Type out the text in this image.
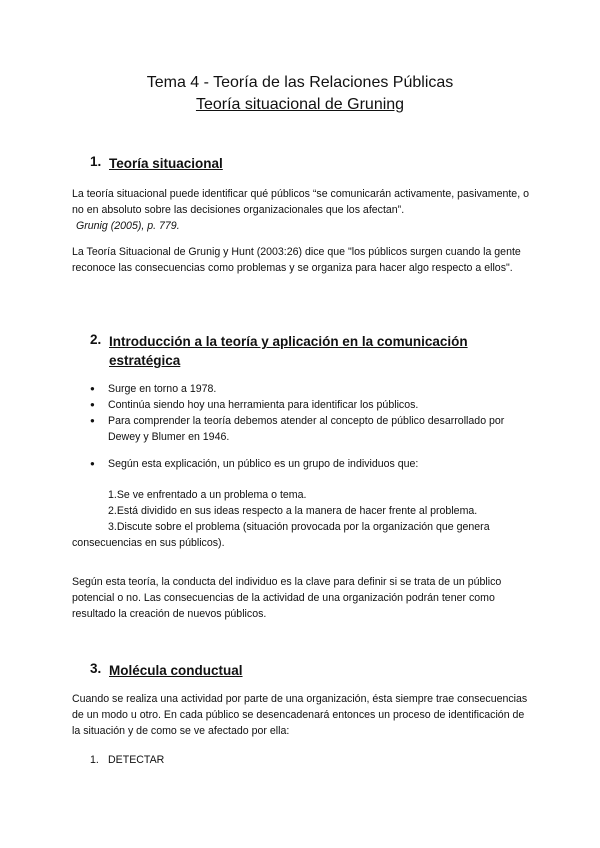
Tema 4 - Teoría de las Relaciones Públicas
Teoría situacional de Gruning
1. Teoría situacional
La teoría situacional puede identificar qué públicos “se comunicarán activamente, pasivamente, o no en absoluto sobre las decisiones organizacionales que los afectan”.
Grunig (2005), p. 779.
La Teoría Situacional de Grunig y Hunt (2003:26) dice que "los públicos surgen cuando la gente reconoce las consecuencias como problemas y se organiza para hacer algo respecto a ellos".
2. Introducción a la teoría y aplicación en la comunicación estratégica
● Surge en torno a 1978.
● Continúa siendo hoy una herramienta para identificar los públicos.
● Para comprender la teoría debemos atender al concepto de público desarrollado por Dewey y Blumer en 1946.
● Según esta explicación, un público es un grupo de individuos que:
1.Se ve enfrentado a un problema o tema.
2.Está dividido en sus ideas respecto a la manera de hacer frente al problema.
3.Discute sobre el problema (situación provocada por la organización que genera
consecuencias en sus públicos).
Según esta teoría, la conducta del individuo es la clave para definir si se trata de un público potencial o no. Las consecuencias de la actividad de una organización podrán tener como resultado la creación de nuevos públicos.
3. Molécula conductual
Cuando se realiza una actividad por parte de una organización, ésta siempre trae consecuencias de un modo u otro. En cada público se desencadenará entonces un proceso de identificación de la situación y de como se ve afectado por ella:
1. DETECTAR
